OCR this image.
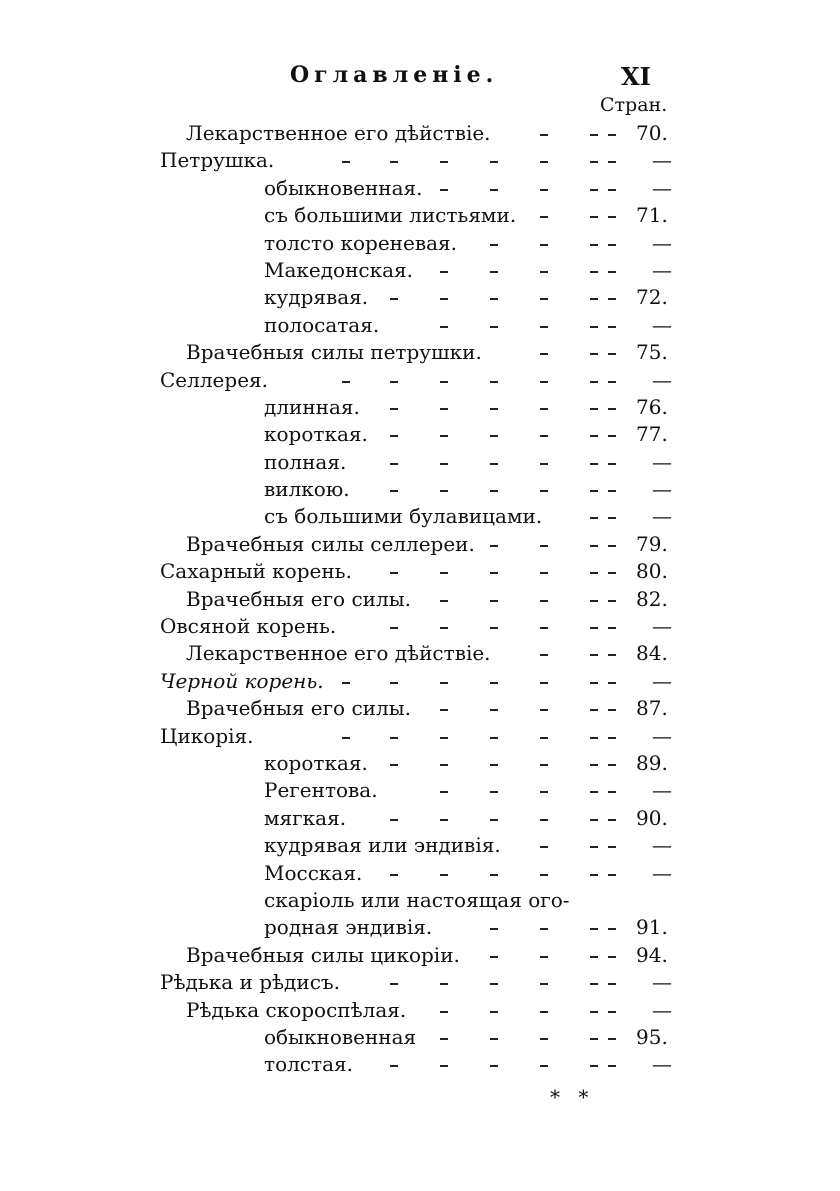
Оглавленіе.	XI
Стран.
Лекарственное его дѣйствіе.	70.
Петрушка.	—
обыкновенная.	—
съ большими листьями.	71.
толсто кореневая.	—
Македонская.	—
кудрявая.	72.
полосатая.	—
Врачебныя силы петрушки.	75.
Селлерея.	—
длинная.	76.
короткая.	77.
полная.	—
вилкою.	—
съ большими булавицами.	—
Врачебныя силы селлереи.	79.
Сахарный корень.	80.
Врачебныя его силы.	82.
Овсяной корень.	—
Лекарственное его дѣйствіе.	84.
Черной корень.	—
Врачебныя его силы.	87.
Цикорія.	—
короткая.	89.
Регентова.	—
мягкая.	90.
кудрявая или эндивія.	—
Мосская.	—
скаріоль или настоящая ого-
родная эндивія.	91.
Врачебныя силы цикоріи.	94.
Рѣдька и рѣдисъ.	—
Рѣдька скороспѣлая.	—
обыкновенная	95.
толстая.	—
* *
